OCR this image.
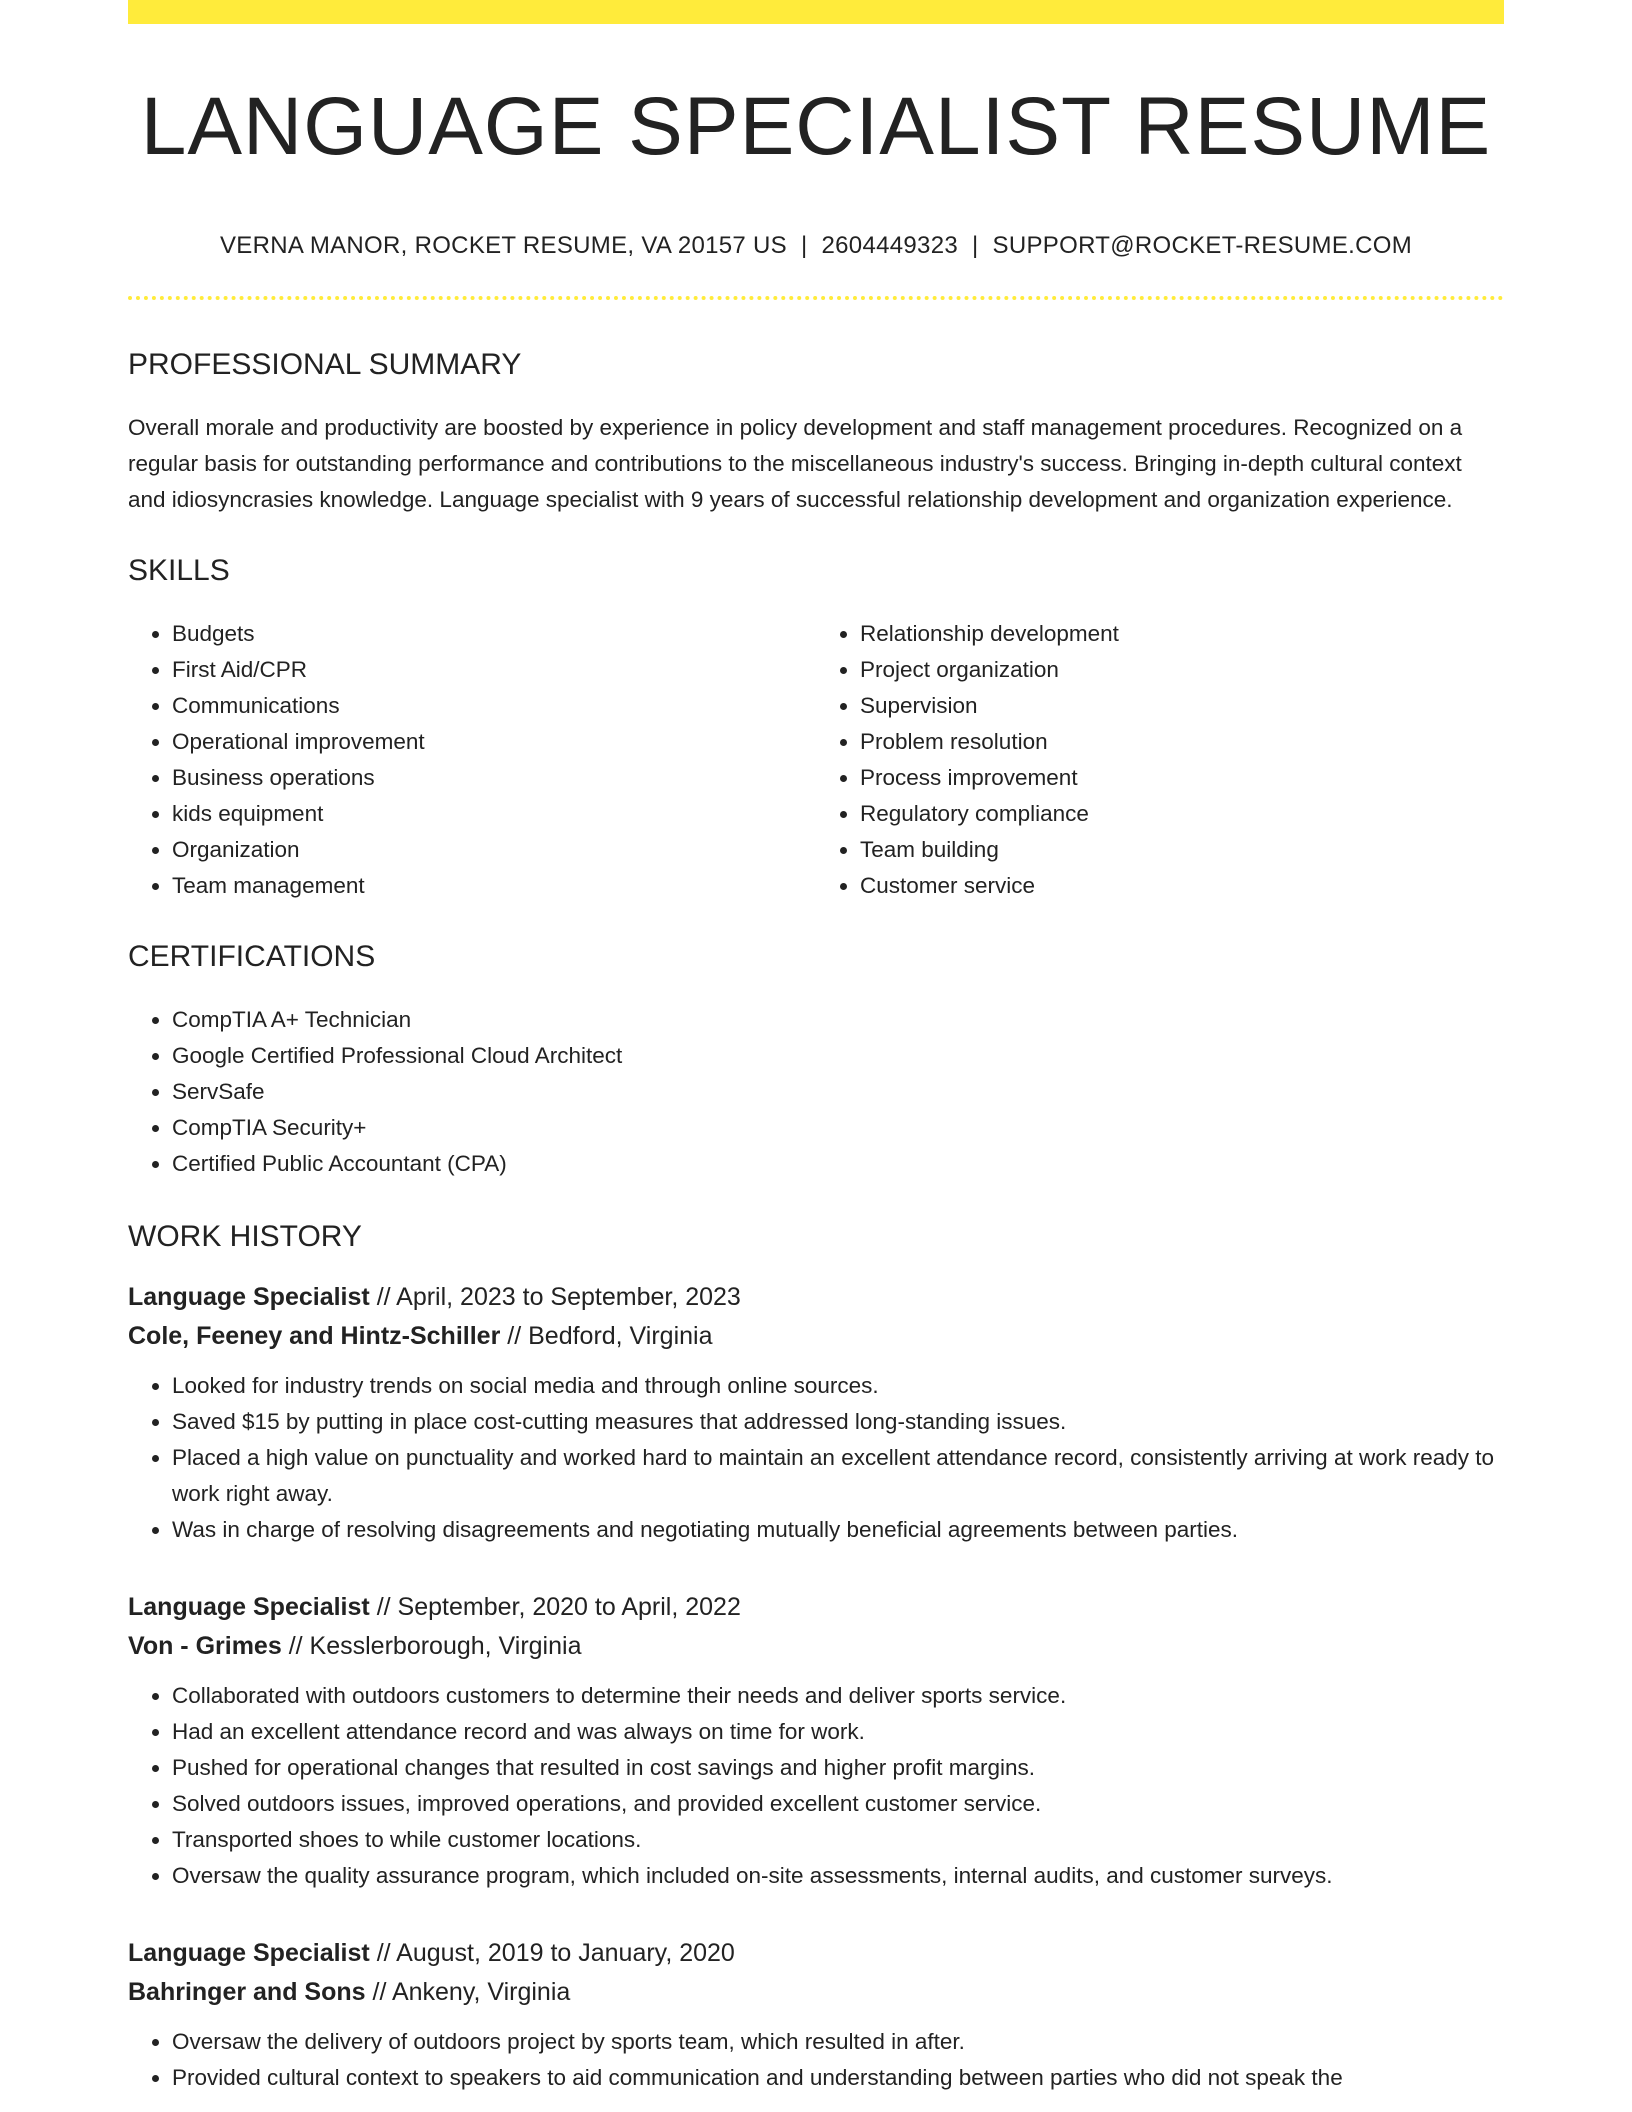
LANGUAGE SPECIALIST RESUME
VERNA MANOR, ROCKET RESUME, VA 20157 US | 2604449323 | SUPPORT@ROCKET-RESUME.COM
PROFESSIONAL SUMMARY
Overall morale and productivity are boosted by experience in policy development and staff management procedures. Recognized on a regular basis for outstanding performance and contributions to the miscellaneous industry's success. Bringing in-depth cultural context and idiosyncrasies knowledge. Language specialist with 9 years of successful relationship development and organization experience.
SKILLS
• Budgets
• First Aid/CPR
• Communications
• Operational improvement
• Business operations
• kids equipment
• Organization
• Team management
• Relationship development
• Project organization
• Supervision
• Problem resolution
• Process improvement
• Regulatory compliance
• Team building
• Customer service
CERTIFICATIONS
• CompTIA A+ Technician
• Google Certified Professional Cloud Architect
• ServSafe
• CompTIA Security+
• Certified Public Accountant (CPA)
WORK HISTORY
Language Specialist // April, 2023 to September, 2023
Cole, Feeney and Hintz-Schiller // Bedford, Virginia
• Looked for industry trends on social media and through online sources.
• Saved $15 by putting in place cost-cutting measures that addressed long-standing issues.
• Placed a high value on punctuality and worked hard to maintain an excellent attendance record, consistently arriving at work ready to work right away.
• Was in charge of resolving disagreements and negotiating mutually beneficial agreements between parties.
Language Specialist // September, 2020 to April, 2022
Von - Grimes // Kesslerborough, Virginia
• Collaborated with outdoors customers to determine their needs and deliver sports service.
• Had an excellent attendance record and was always on time for work.
• Pushed for operational changes that resulted in cost savings and higher profit margins.
• Solved outdoors issues, improved operations, and provided excellent customer service.
• Transported shoes to while customer locations.
• Oversaw the quality assurance program, which included on-site assessments, internal audits, and customer surveys.
Language Specialist // August, 2019 to January, 2020
Bahringer and Sons // Ankeny, Virginia
• Oversaw the delivery of outdoors project by sports team, which resulted in after.
• Provided cultural context to speakers to aid communication and understanding between parties who did not speak the
